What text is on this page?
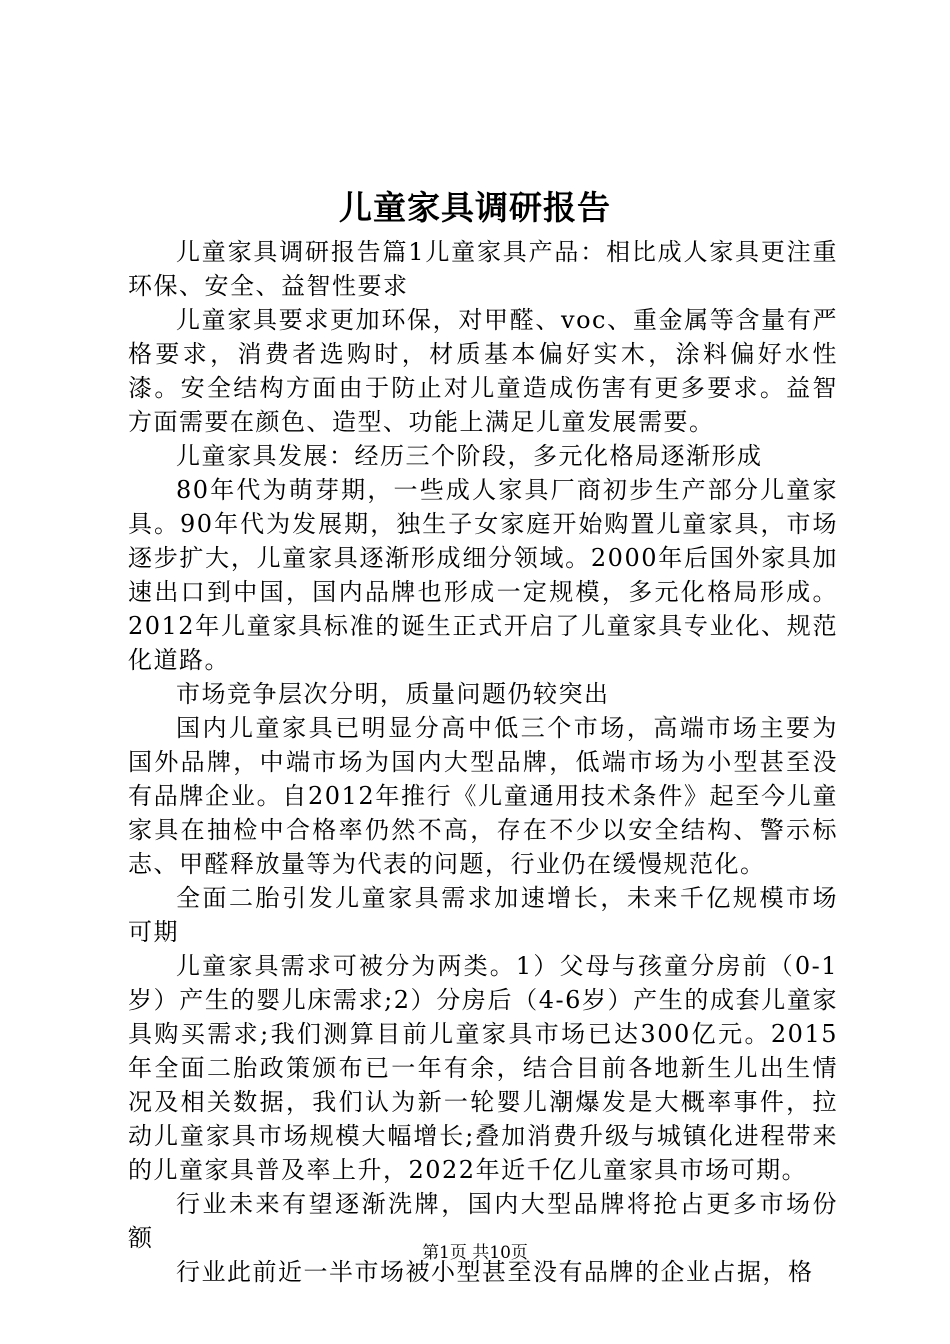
儿童家具调研报告

儿童家具调研报告篇1儿童家具产品：相比成人家具更注重环保、安全、益智性要求

儿童家具要求更加环保，对甲醛、voc、重金属等含量有严格要求，消费者选购时，材质基本偏好实木，涂料偏好水性漆。安全结构方面由于防止对儿童造成伤害有更多要求。益智方面需要在颜色、造型、功能上满足儿童发展需要。

儿童家具发展：经历三个阶段，多元化格局逐渐形成

80年代为萌芽期，一些成人家具厂商初步生产部分儿童家具。90年代为发展期，独生子女家庭开始购置儿童家具，市场逐步扩大，儿童家具逐渐形成细分领域。2000年后国外家具加速出口到中国，国内品牌也形成一定规模，多元化格局形成。2012年儿童家具标准的诞生正式开启了儿童家具专业化、规范化道路。

市场竞争层次分明，质量问题仍较突出

国内儿童家具已明显分高中低三个市场，高端市场主要为国外品牌，中端市场为国内大型品牌，低端市场为小型甚至没有品牌企业。自2012年推行《儿童通用技术条件》起至今儿童家具在抽检中合格率仍然不高，存在不少以安全结构、警示标志、甲醛释放量等为代表的问题，行业仍在缓慢规范化。

全面二胎引发儿童家具需求加速增长，未来千亿规模市场可期

儿童家具需求可被分为两类。1）父母与孩童分房前（0-1岁）产生的婴儿床需求;2）分房后（4-6岁）产生的成套儿童家具购买需求;我们测算目前儿童家具市场已达300亿元。2015年全面二胎政策颁布已一年有余，结合目前各地新生儿出生情况及相关数据，我们认为新一轮婴儿潮爆发是大概率事件，拉动儿童家具市场规模大幅增长;叠加消费升级与城镇化进程带来的儿童家具普及率上升，2022年近千亿儿童家具市场可期。

行业未来有望逐渐洗牌，国内大型品牌将抢占更多市场份额

行业此前近一半市场被小型甚至没有品牌的企业占据，格

第1页 共10页
